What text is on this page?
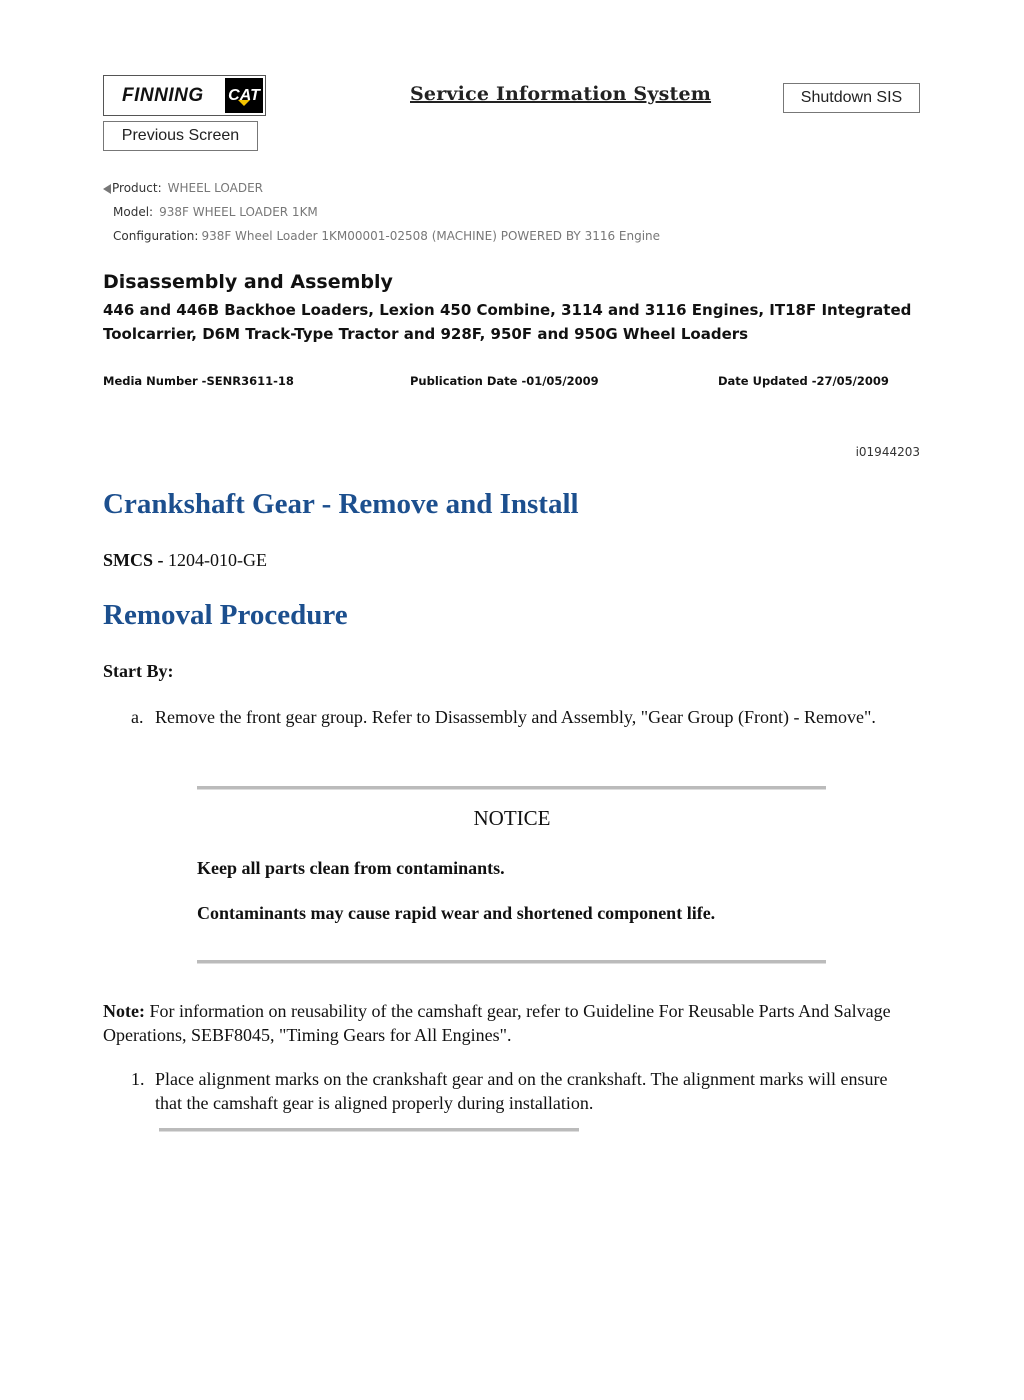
FINNING CAT	Service Information System	Shutdown SIS
Previous Screen
Product: WHEEL LOADER
Model: 938F WHEEL LOADER 1KM
Configuration: 938F Wheel Loader 1KM00001-02508 (MACHINE) POWERED BY 3116 Engine
Disassembly and Assembly
446 and 446B Backhoe Loaders, Lexion 450 Combine, 3114 and 3116 Engines, IT18F Integrated Toolcarrier, D6M Track-Type Tractor and 928F, 950F and 950G Wheel Loaders
Media Number -SENR3611-18	Publication Date -01/05/2009	Date Updated -27/05/2009
i01944203
Crankshaft Gear - Remove and Install
SMCS - 1204-010-GE
Removal Procedure
Start By:
a. Remove the front gear group. Refer to Disassembly and Assembly, "Gear Group (Front) - Remove".
NOTICE
Keep all parts clean from contaminants.
Contaminants may cause rapid wear and shortened component life.
Note: For information on reusability of the camshaft gear, refer to Guideline For Reusable Parts And Salvage Operations, SEBF8045, "Timing Gears for All Engines".
1. Place alignment marks on the crankshaft gear and on the crankshaft. The alignment marks will ensure that the camshaft gear is aligned properly during installation.
